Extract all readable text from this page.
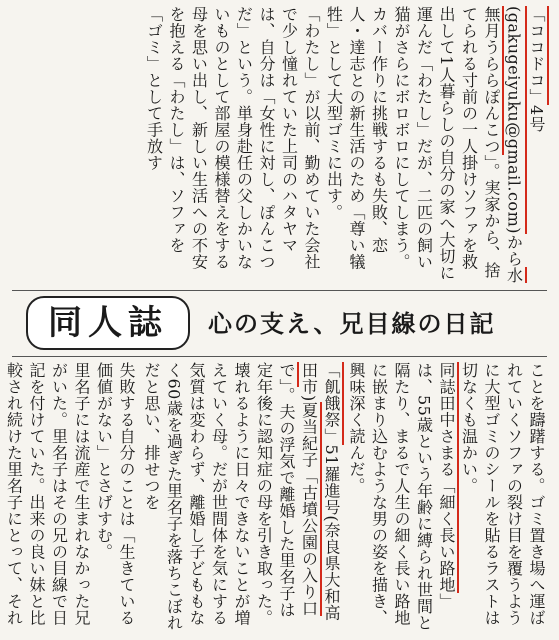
「ココドコ」4号(gakugeiyuku@gmail.com)から水無月うららぽんこつ」。実家から、捨てられる寸前の一人掛けソファを救出して1人暮らしの自分の家へ大切に運んだ「わたし」だが、二匹の飼い猫がさらにボロボロにしてしまう。カバー作りに挑戦するも失敗、恋人・達志との新生活のため「尊い犠牲」として大型ゴミに出す。
「わたし」が以前、勤めていた会社で少し憧れていた上司のハタヤマは、自分は「女性に対し、ぽんこつだ」という。単身赴任の父しかいないものとして部屋の模様替えをする母を思い出し、新しい生活への不安を抱える「わたし」は、ソファを「ゴミ」として手放す
同人誌	心の支え、兄目線の日記
ことを躊躇する。ゴミ置き場へ運ばれていくソファの裂け目を覆うように大型ゴミのシールを貼るラストは切なくも温かい。
同誌田中さまる「細く長い路地」は、55歳という年齢に縛られ世間と隔たり、まるで人生の細く長い路地に嵌まり込むような男の姿を描き、興味深く読んだ。
「飢餓祭」51羅進号(奈良県大和高田市)夏当紀子「古墳公園の入り口で」。夫の浮気で離婚した里名子は定年後に認知症の母を引き取った。壊れるように日々できないことが増えていく母。だが世間体を気にする気質は変わらず、離婚し子どももなく60歳を過ぎた里名子を落ちこぼれだと思い、排せつを
失敗する自分のことは「生きている価値がない」とさげすむ。
里名子には流産で生まれなかった兄がいた。里名子はその兄の目線で日記を付けていた。出来の良い妹と比較され続けた里名子にとって、それ
